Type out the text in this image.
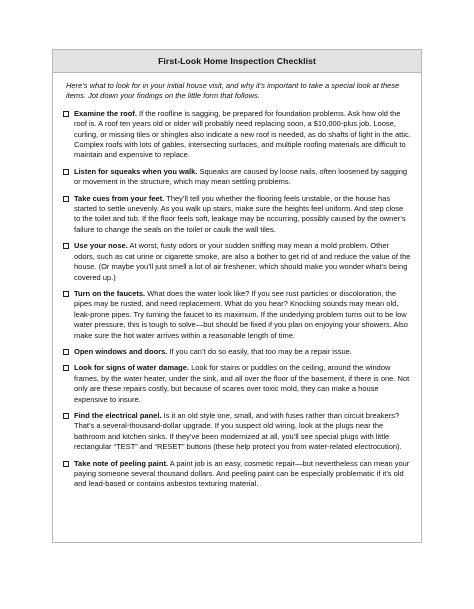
First-Look Home Inspection Checklist
Here’s what to look for in your initial house visit, and why it’s important to take a special look at these items. Jot down your findings on the little form that follows.

Examine the roof. If the roofline is sagging, be prepared for foundation problems. Ask how old the roof is. A roof ten years old or older will probably need replacing soon, a $10,000-plus job. Loose, curling, or missing tiles or shingles also indicate a new roof is needed, as do shafts of light in the attic. Complex roofs with lots of gables, intersecting surfaces, and multiple roofing materials are difficult to maintain and expensive to replace.

Listen for squeaks when you walk. Squeaks are caused by loose nails, often loosened by sagging or movement in the structure, which may mean settling problems.

Take cues from your feet. They’ll tell you whether the flooring feels unstable, or the house has started to settle unevenly. As you walk up stairs, make sure the heights feel uniform. And step close to the toilet and tub. If the floor feels soft, leakage may be occurring, possibly caused by the owner’s failure to change the seals on the toilet or caulk the wall tiles.

Use your nose. At worst, fusty odors or your sudden sniffing may mean a mold problem. Other odors, such as cat urine or cigarette smoke, are also a bother to get rid of and reduce the value of the house. (Or maybe you’ll just smell a lot of air freshener, which should make you wonder what’s being covered up.)

Turn on the faucets. What does the water look like? If you see rust particles or discoloration, the pipes may be rusted, and need replacement. What do you hear? Knocking sounds may mean old, leak-prone pipes. Try turning the faucet to its maximum. If the underlying problem turns out to be low water pressure, this is tough to solve—but should be fixed if you plan on enjoying your showers. Also make sure the hot water arrives within a reasonable length of time.

Open windows and doors. If you can’t do so easily, that too may be a repair issue.

Look for signs of water damage. Look for stains or puddles on the ceiling, around the window frames, by the water heater, under the sink, and all over the floor of the basement, if there is one. Not only are these repairs costly, but because of scares over toxic mold, they can make a house expensive to insure.

Find the electrical panel. Is it an old style one, small, and with fuses rather than circuit breakers? That’s a several-thousand-dollar upgrade. If you suspect old wiring, look at the plugs near the bathroom and kitchen sinks. If they’ve been modernized at all, you’ll see special plugs with little rectangular “TEST” and “RESET” buttons (these help protect you from water-related electrocution).

Take note of peeling paint. A paint job is an easy, cosmetic repair—but nevertheless can mean your paying someone several thousand dollars. And peeling paint can be especially problematic if it’s old and lead-based or contains asbestos texturing material.
